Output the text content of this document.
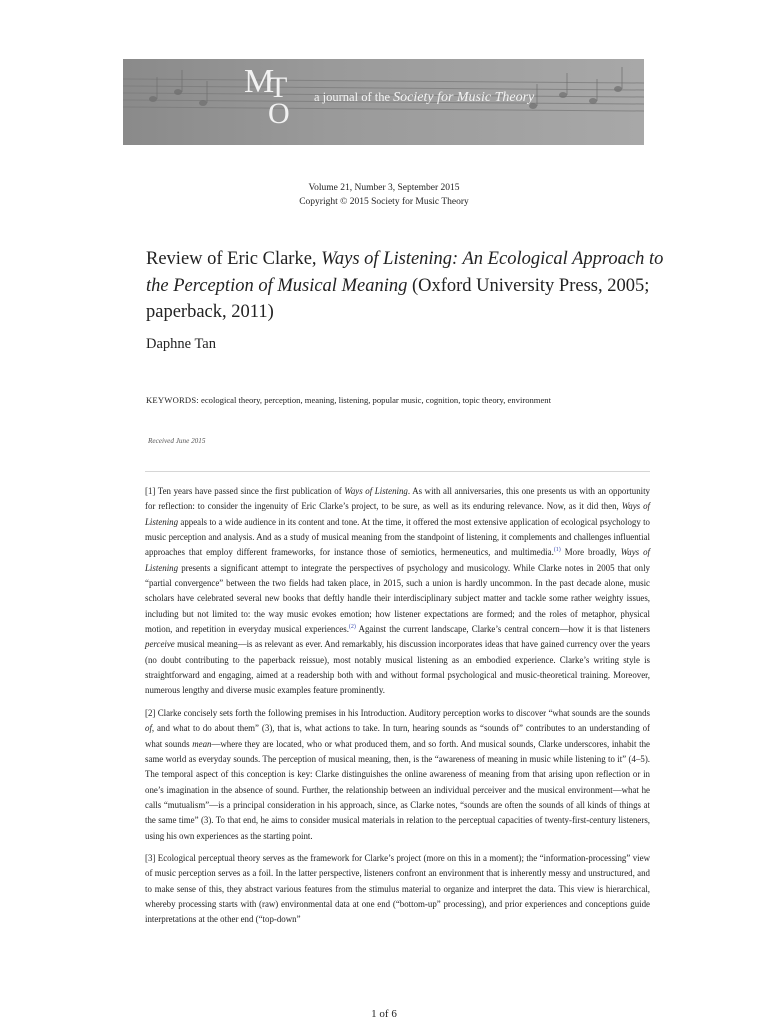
M
T
O a journal of the Society for Music Theory
Volume 21, Number 3, September 2015
Copyright © 2015 Society for Music Theory
Review of Eric Clarke, Ways of Listening: An Ecological Approach to the Perception of Musical Meaning (Oxford University Press, 2005; paperback, 2011)
Daphne Tan
KEYWORDS: ecological theory, perception, meaning, listening, popular music, cognition, topic theory, environment
Received June 2015

[1] Ten years have passed since the first publication of Ways of Listening. As with all anniversaries, this one presents us with an opportunity for reflection: to consider the ingenuity of Eric Clarke’s project, to be sure, as well as its enduring relevance. Now, as it did then, Ways of Listening appeals to a wide audience in its content and tone. At the time, it offered the most extensive application of ecological psychology to music perception and analysis. And as a study of musical meaning from the standpoint of listening, it complements and challenges influential approaches that employ different frameworks, for instance those of semiotics, hermeneutics, and multimedia.$^{(1)}$ More broadly, Ways of Listening presents a significant attempt to integrate the perspectives of psychology and musicology. While Clarke notes in 2005 that only “partial convergence” between the two fields had taken place, in 2015, such a union is hardly uncommon. In the past decade alone, music scholars have celebrated several new books that deftly handle their interdisciplinary subject matter and tackle some rather weighty issues, including but not limited to: the way music evokes emotion; how listener expectations are formed; and the roles of metaphor, physical motion, and repetition in everyday musical experiences.$^{(2)}$ Against the current landscape, Clarke’s central concern—how it is that listeners perceive musical meaning—is as relevant as ever. And remarkably, his discussion incorporates ideas that have gained currency over the years (no doubt contributing to the paperback reissue), most notably musical listening as an embodied experience. Clarke’s writing style is straightforward and engaging, aimed at a readership both with and without formal psychological and music-theoretical training. Moreover, numerous lengthy and diverse music examples feature prominently.

[2] Clarke concisely sets forth the following premises in his Introduction. Auditory perception works to discover “what sounds are the sounds of, and what to do about them” (3), that is, what actions to take. In turn, hearing sounds as “sounds of” contributes to an understanding of what sounds mean—where they are located, who or what produced them, and so forth. And musical sounds, Clarke underscores, inhabit the same world as everyday sounds. The perception of musical meaning, then, is the “awareness of meaning in music while listening to it” (4–5). The temporal aspect of this conception is key: Clarke distinguishes the online awareness of meaning from that arising upon reflection or in one’s imagination in the absence of sound. Further, the relationship between an individual perceiver and the musical environment—what he calls “mutualism”—is a principal consideration in his approach, since, as Clarke notes, “sounds are often the sounds of all kinds of things at the same time” (3). To that end, he aims to consider musical materials in relation to the perceptual capacities of twenty-first-century listeners, using his own experiences as the starting point.

[3] Ecological perceptual theory serves as the framework for Clarke’s project (more on this in a moment); the “information-processing” view of music perception serves as a foil. In the latter perspective, listeners confront an environment that is inherently messy and unstructured, and to make sense of this, they abstract various features from the stimulus material to organize and interpret the data. This view is hierarchical, whereby processing starts with (raw) environmental data at one end (“bottom-up” processing), and prior experiences and conceptions guide interpretations at the other end (“top-down”

1 of 6
